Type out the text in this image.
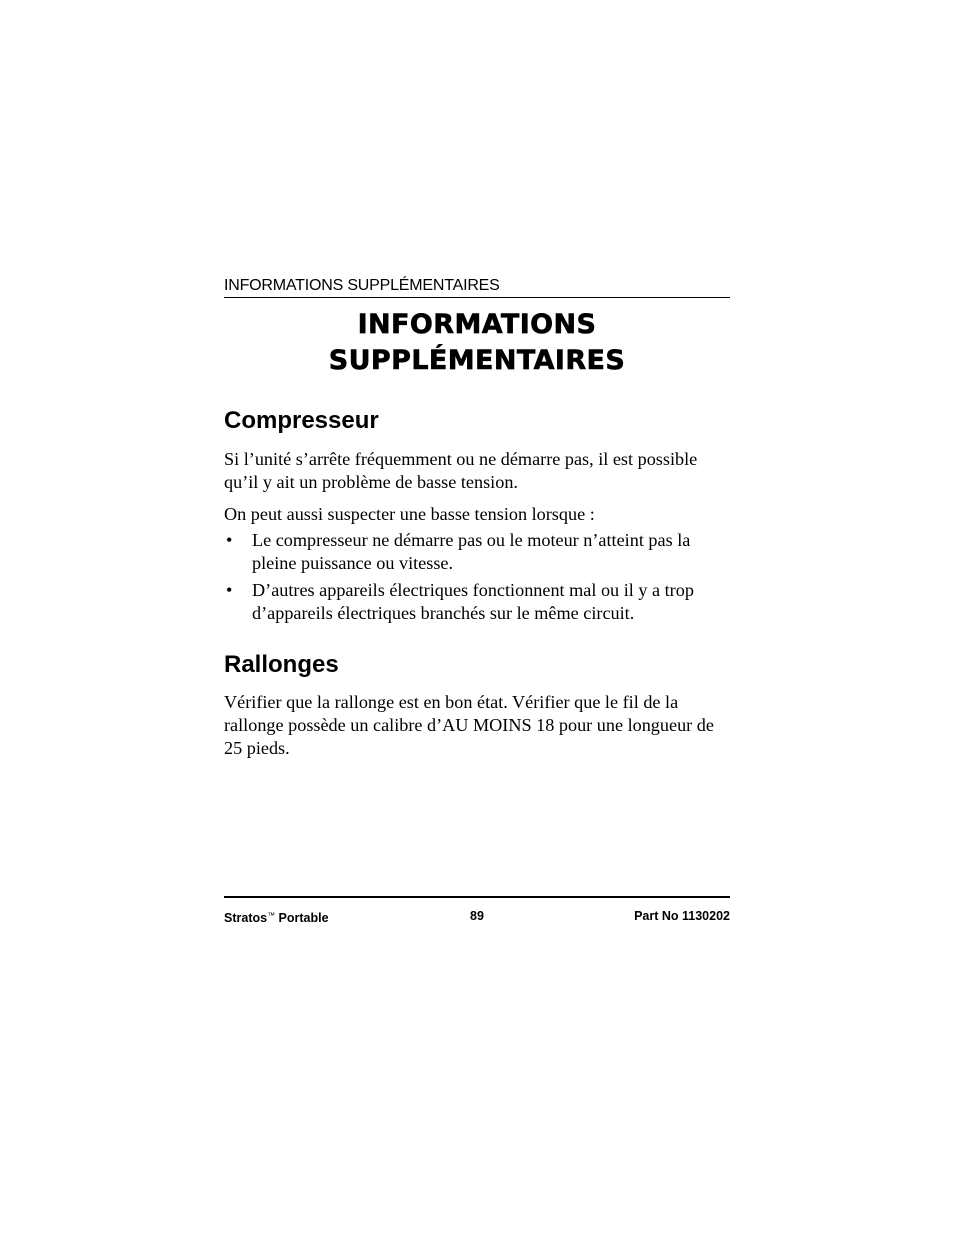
INFORMATIONS SUPPLÉMENTAIRES
INFORMATIONS
SUPPLÉMENTAIRES
Compresseur

Si l’unité s’arrête fréquemment ou ne démarre pas, il est possible qu’il y ait un problème de basse tension.

On peut aussi suspecter une basse tension lorsque :

• Le compresseur ne démarre pas ou le moteur n’atteint pas la pleine puissance ou vitesse.
• D’autres appareils électriques fonctionnent mal ou il y a trop d’appareils électriques branchés sur le même circuit.
Rallonges

Vérifier que la rallonge est en bon état. Vérifier que le fil de la rallonge possède un calibre d’AU MOINS 18 pour une longueur de 25 pieds.

Stratos™ Portable	89	Part No 1130202
